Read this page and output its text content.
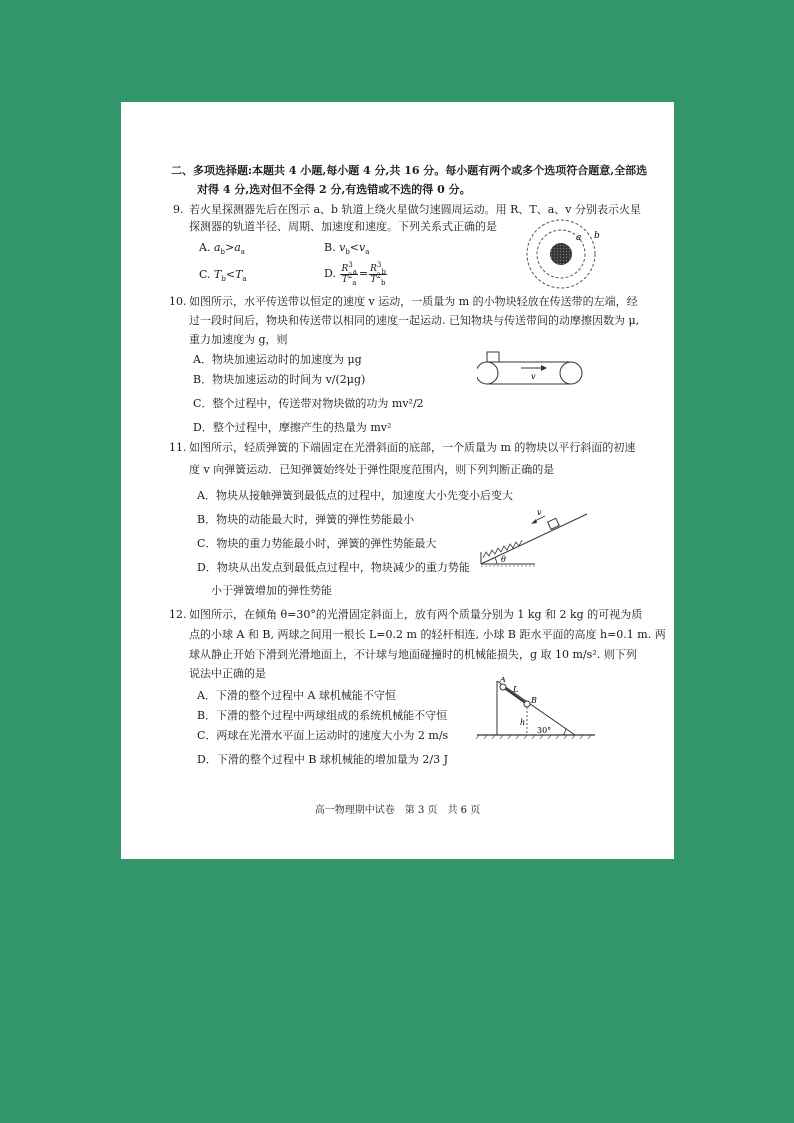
二、多项选择题:本题共 4 小题,每小题 4 分,共 16 分。每小题有两个或多个选项符合题意,全部选
对得 4 分,选对但不全得 2 分,有选错或不选的得 0 分。
9. 若火星探测器先后在图示 a、b 轨道上绕火星做匀速圆周运动。用 R、T、a、v 分别表示火星
探测器的轨道半径、周期、加速度和速度。下列关系式正确的是
A. $a_b>a_a$	B. $v_b<v_a$
C. $T_b<T_a$	D. $\frac{R^3_a}{T^2_a} = \frac{R^3_b}{T^2_b}$
a b
10. 如图所示，水平传送带以恒定的速度 v 运动，一质量为 m 的小物块轻放在传送带的左端，经
过一段时间后，物块和传送带以相同的速度一起运动. 已知物块与传送带间的动摩擦因数为 μ,
重力加速度为 g，则
A．物块加速运动时的加速度为 μg
B．物块加速运动的时间为 v/(2μg)
C．整个过程中，传送带对物块做的功为 mv²/2
D．整个过程中，摩擦产生的热量为 mv²
v
11. 如图所示，轻质弹簧的下端固定在光滑斜面的底部，一个质量为 m 的物块以平行斜面的初速
度 v 向弹簧运动．已知弹簧始终处于弹性限度范围内，则下列判断正确的是
A．物块从接触弹簧到最低点的过程中，加速度大小先变小后变大
B．物块的动能最大时，弹簧的弹性势能最小
C．物块的重力势能最小时，弹簧的弹性势能最大
D．物块从出发点到最低点过程中，物块减少的重力势能
小于弹簧增加的弹性势能
v
θ
12. 如图所示，在倾角 θ=30°的光滑固定斜面上，放有两个质量分别为 1 kg 和 2 kg 的可视为质
点的小球 A 和 B, 两球之间用一根长 L=0.2 m 的轻杆相连, 小球 B 距水平面的高度 h=0.1 m. 两
球从静止开始下滑到光滑地面上，不计球与地面碰撞时的机械能损失，g 取 10 m/s². 则下列
说法中正确的是
A．下滑的整个过程中 A 球机械能不守恒
B．下滑的整个过程中两球组成的系统机械能不守恒
C．两球在光滑水平面上运动时的速度大小为 2 m/s
D．下滑的整个过程中 B 球机械能的增加量为 2/3 J
A
B
L
h
30°
高一物理期中试卷　第 3 页　共 6 页
